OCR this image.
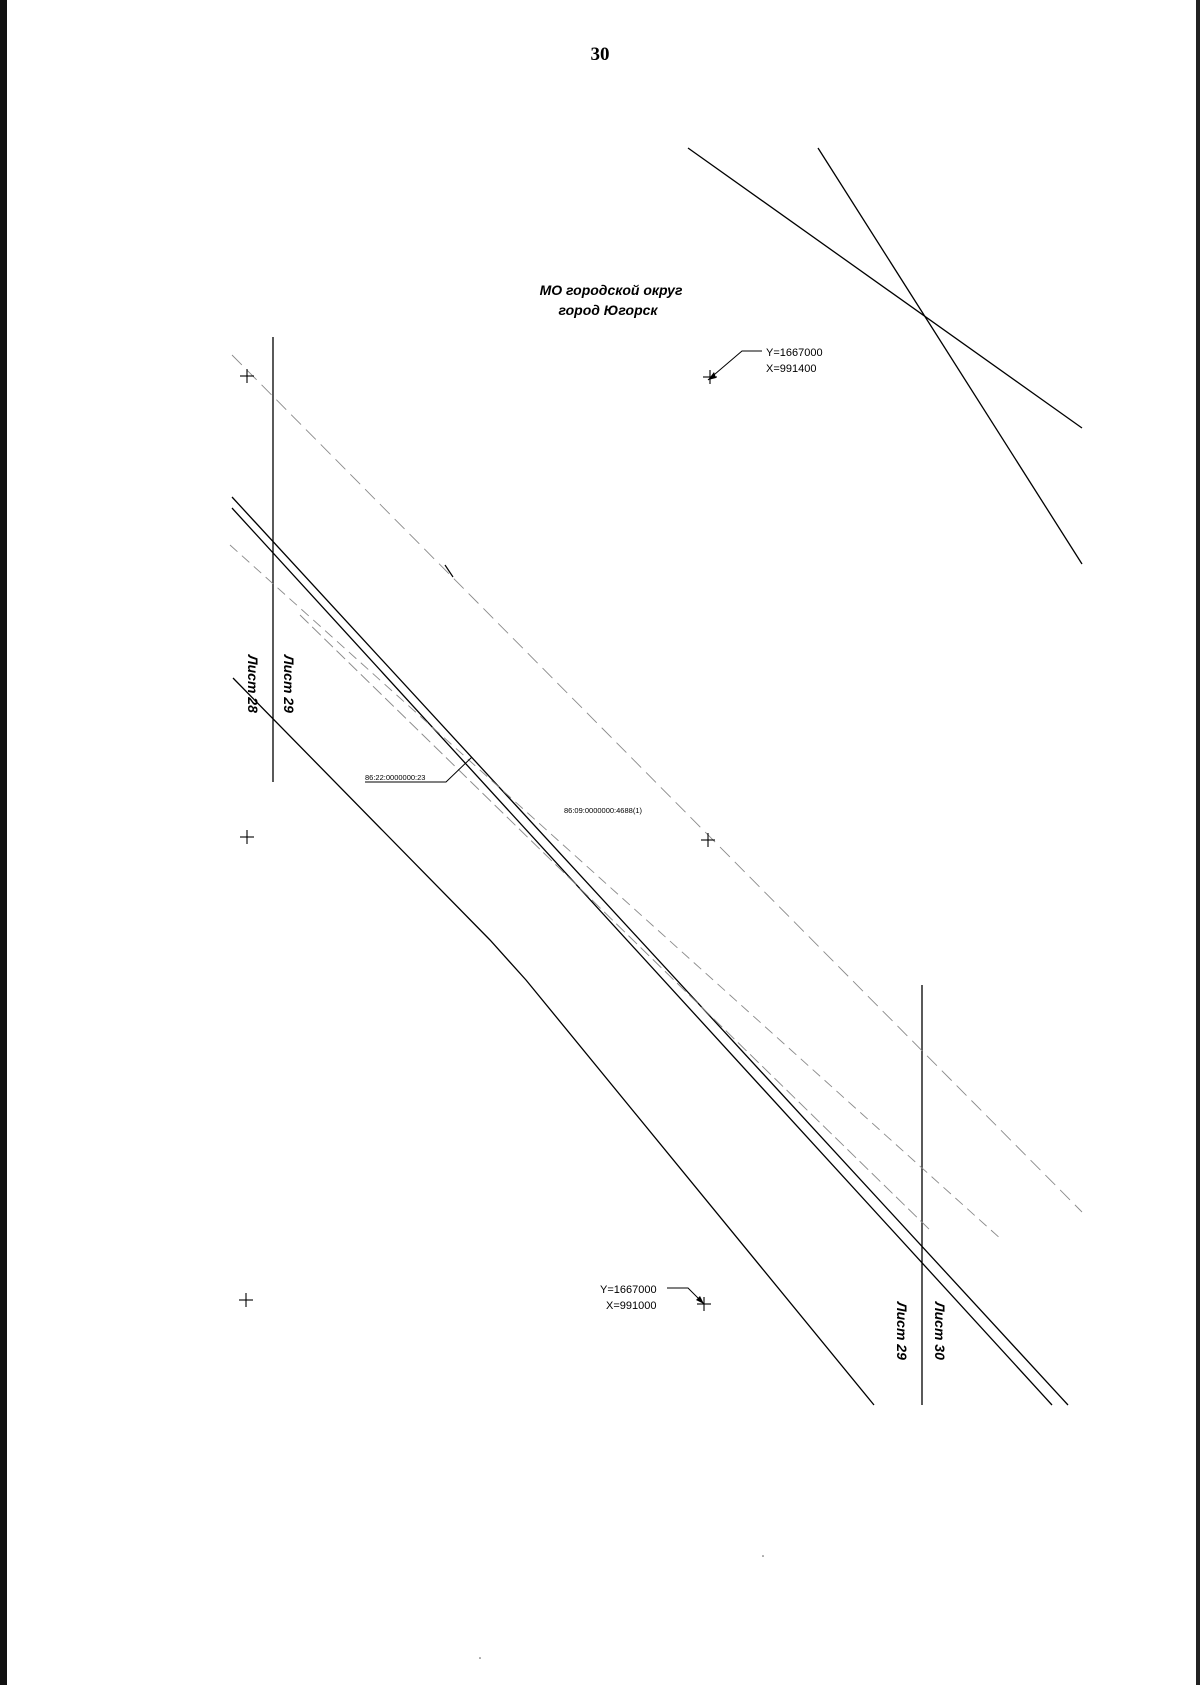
30
МО городской округ
город Югорск
Y=1667000
X=991400
Y=1667000
X=991000
86:22:0000000:23
86:09:0000000:4688(1)
Лист 28 Лист 29
Лист 29 Лист 30
